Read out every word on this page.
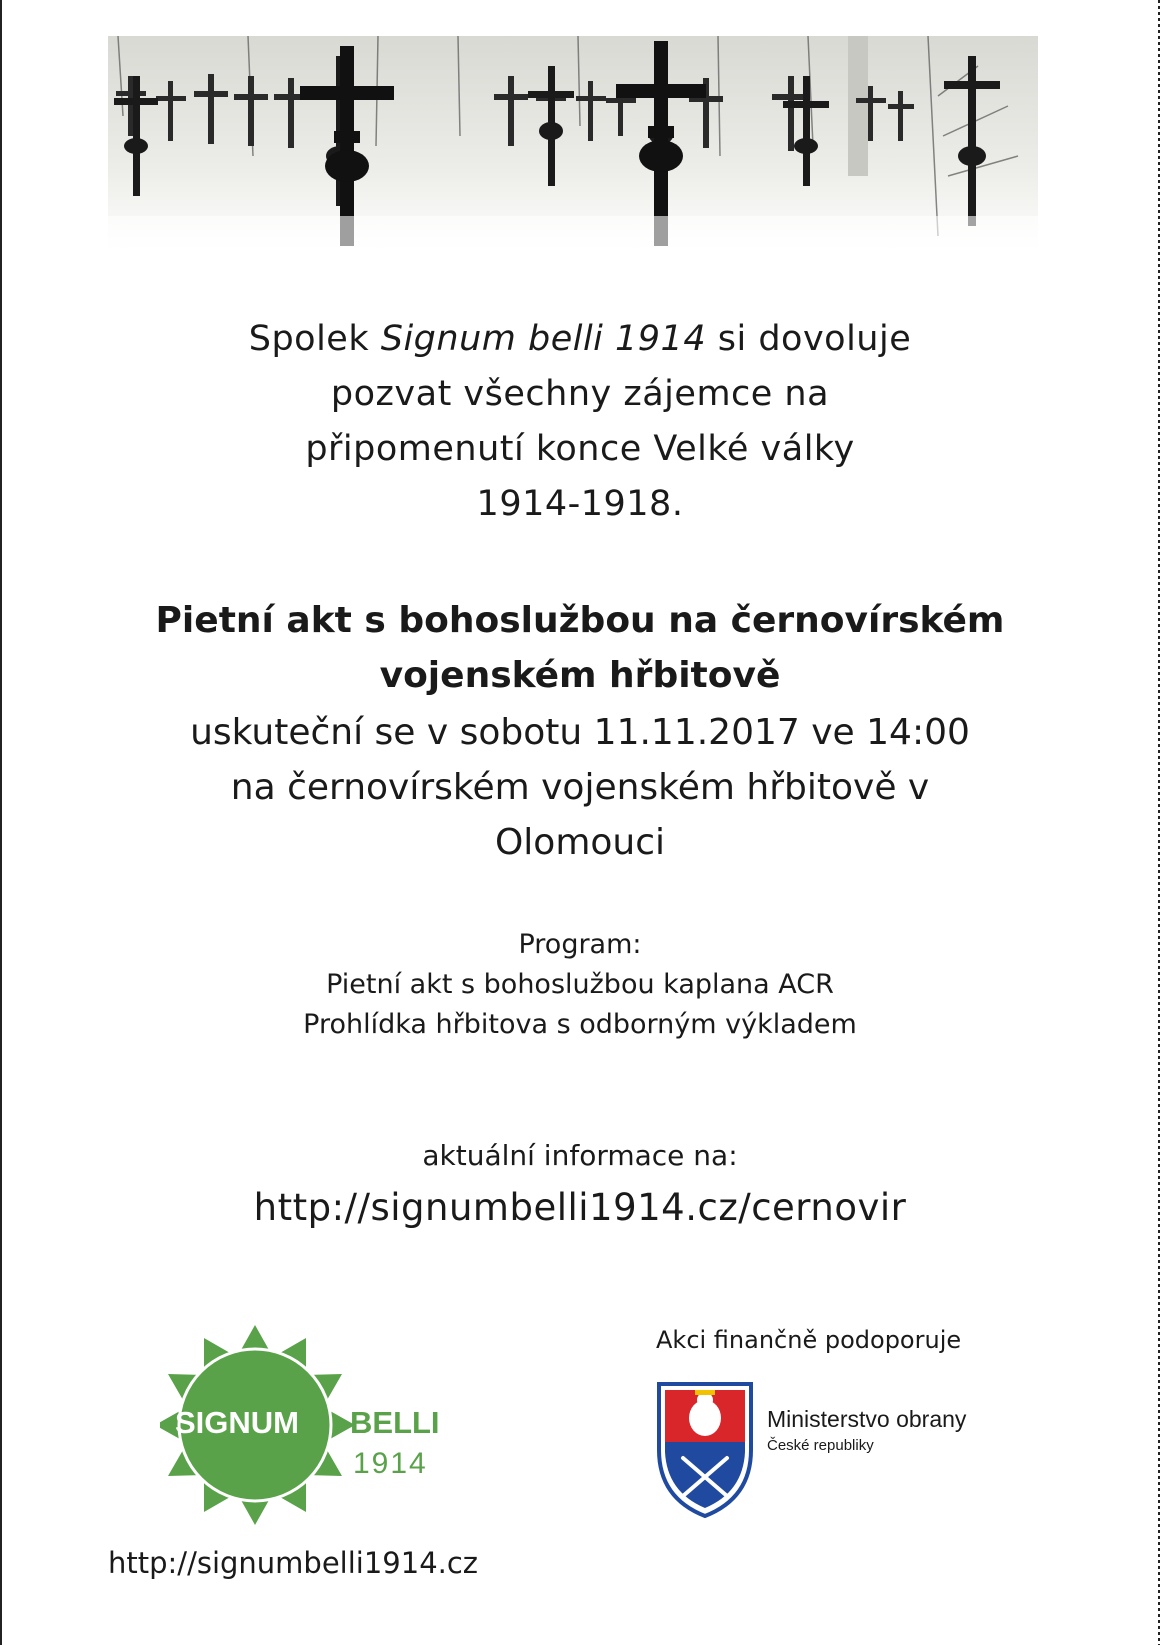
Spolek Signum belli 1914 si dovoluje
pozvat všechny zájemce na
připomenutí konce Velké války
1914-1918.
Pietní akt s bohoslužbou na černovírském
vojenském hřbitově
uskuteční se v sobotu 11.11.2017 ve 14:00
na černovírském vojenském hřbitově v
Olomouci
Program:
Pietní akt s bohoslužbou kaplana ACR
Prohlídka hřbitova s odborným výkladem
aktuální informace na:
http://signumbelli1914.cz/cernovir
SIGNUM BELLI
1914
http://signumbelli1914.cz
Akci finančně podoporuje
Ministerstvo obrany
České republiky
